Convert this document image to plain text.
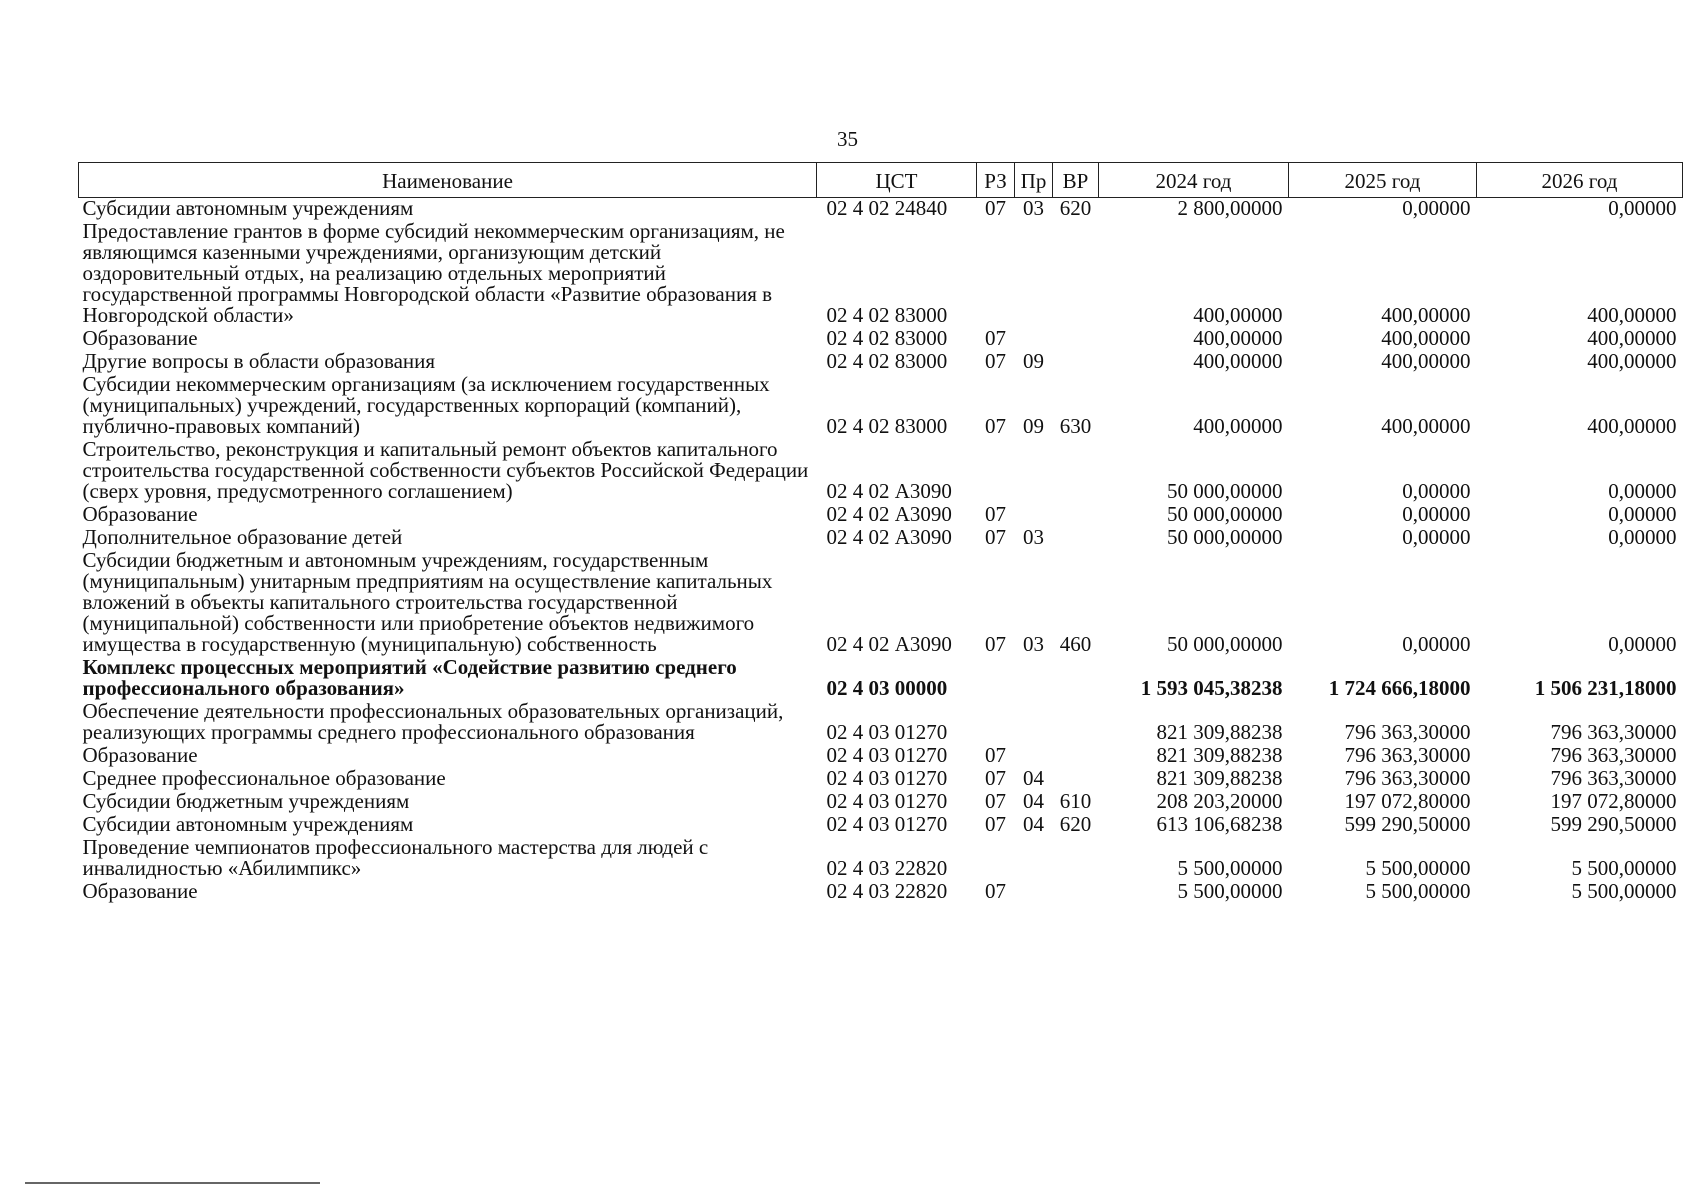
35
Наименование	ЦСТ	РЗ	Пр	ВР	2024 год	2025 год	2026 год
Субсидии автономным учреждениям	02 4 02 24840	07	03	620	2 800,00000	0,00000	0,00000
Предоставление грантов в форме субсидий некоммерческим организациям, не являющимся казенными учреждениями, организующим детский оздоровительный отдых, на реализацию отдельных мероприятий государственной программы Новгородской области «Развитие образования в Новгородской области»	02 4 02 83000				400,00000	400,00000	400,00000
Образование	02 4 02 83000	07			400,00000	400,00000	400,00000
Другие вопросы в области образования	02 4 02 83000	07	09		400,00000	400,00000	400,00000
Субсидии некоммерческим организациям (за исключением государственных (муниципальных) учреждений, государственных корпораций (компаний), публично-правовых компаний)	02 4 02 83000	07	09	630	400,00000	400,00000	400,00000
Строительство, реконструкция и капитальный ремонт объектов капитального строительства государственной собственности субъектов Российской Федерации (сверх уровня, предусмотренного соглашением)	02 4 02 А3090				50 000,00000	0,00000	0,00000
Образование	02 4 02 А3090	07			50 000,00000	0,00000	0,00000
Дополнительное образование детей	02 4 02 А3090	07	03		50 000,00000	0,00000	0,00000
Субсидии бюджетным и автономным учреждениям, государственным (муниципальным) унитарным предприятиям на осуществление капитальных вложений в объекты капитального строительства государственной (муниципальной) собственности или приобретение объектов недвижимого имущества в государственную (муниципальную) собственность	02 4 02 А3090	07	03	460	50 000,00000	0,00000	0,00000
Комплекс процессных мероприятий «Содействие развитию среднего профессионального образования»	02 4 03 00000				1 593 045,38238	1 724 666,18000	1 506 231,18000
Обеспечение деятельности профессиональных образовательных организаций, реализующих программы среднего профессионального образования	02 4 03 01270				821 309,88238	796 363,30000	796 363,30000
Образование	02 4 03 01270	07			821 309,88238	796 363,30000	796 363,30000
Среднее профессиональное образование	02 4 03 01270	07	04		821 309,88238	796 363,30000	796 363,30000
Субсидии бюджетным учреждениям	02 4 03 01270	07	04	610	208 203,20000	197 072,80000	197 072,80000
Субсидии автономным учреждениям	02 4 03 01270	07	04	620	613 106,68238	599 290,50000	599 290,50000
Проведение чемпионатов профессионального мастерства для людей с инвалидностью «Абилимпикс»	02 4 03 22820				5 500,00000	5 500,00000	5 500,00000
Образование	02 4 03 22820	07			5 500,00000	5 500,00000	5 500,00000
